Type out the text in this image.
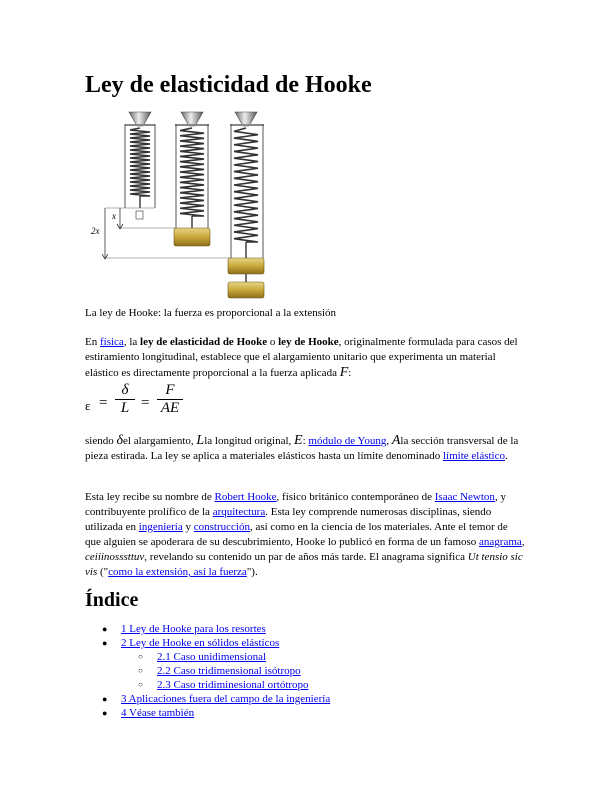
Ley de elasticidad de Hooke
x
2x
La ley de Hooke: la fuerza es proporcional a la extensión

En física, la ley de elasticidad de Hooke o ley de Hooke, originalmente formulada para casos del estiramiento longitudinal, establece que el alargamiento unitario que experimenta un material elástico es directamente proporcional a la fuerza aplicada F:

ε =
δ
L =
F
AE

siendo δel alargamiento, Lla longitud original, E: módulo de Young, Ala sección transversal de la pieza estirada. La ley se aplica a materiales elásticos hasta un límite denominado límite elástico.

Esta ley recibe su nombre de Robert Hooke, físico británico contemporáneo de Isaac Newton, y contribuyente prolífico de la arquitectura. Esta ley comprende numerosas disciplinas, siendo utilizada en ingeniería y construcción, así como en la ciencia de los materiales. Ante el temor de que alguien se apoderara de su descubrimiento, Hooke lo publicó en forma de un famoso anagrama, ceiiinosssttuv, revelando su contenido un par de años más tarde. El anagrama significa Ut tensio sic vis ("como la extensión, así la fuerza").

Índice
● 1 Ley de Hooke para los resortes
● 2 Ley de Hooke en sólidos elásticos
○ 2.1 Caso unidimensional
○ 2.2 Caso tridimensional isótropo
○ 2.3 Caso tridiminesional ortótropo
● 3 Aplicaciones fuera del campo de la ingeniería
● 4 Véase también
